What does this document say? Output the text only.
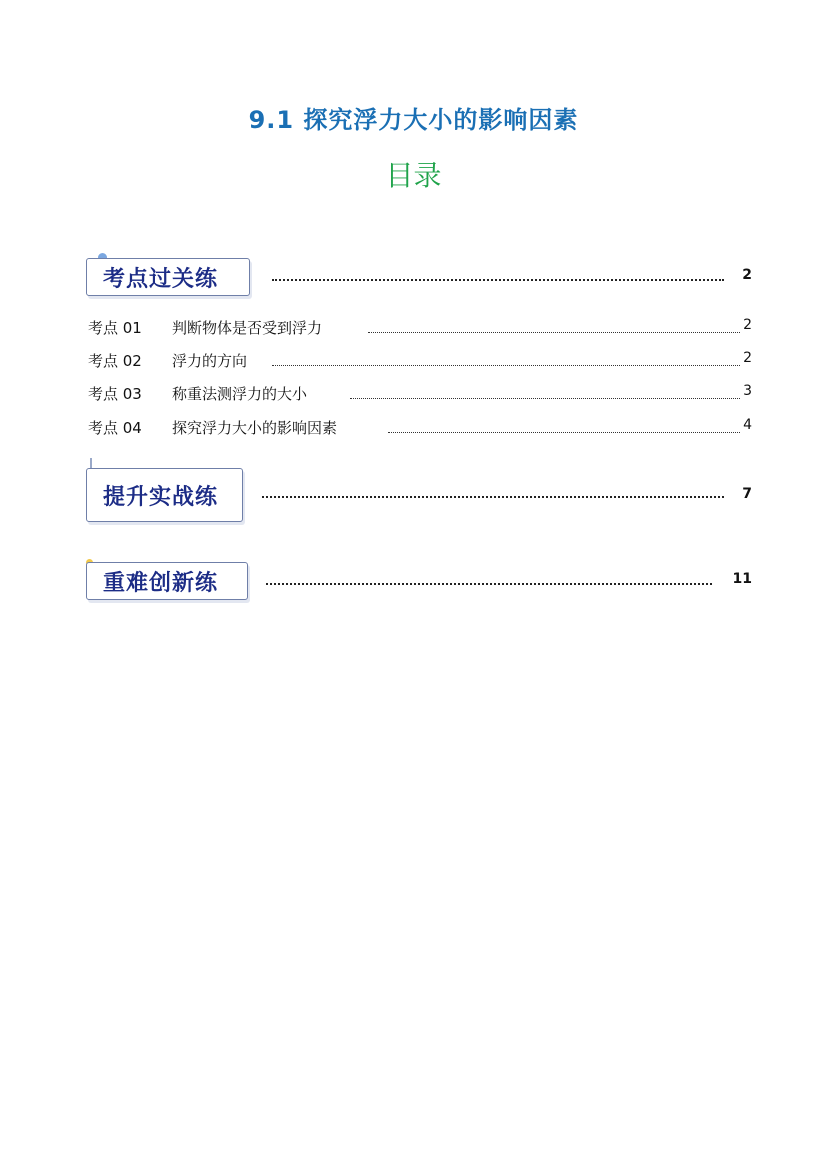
9.1 探究浮力大小的影响因素
目录
考点过关练	2
考点 01 判断物体是否受到浮力	2
考点 02 浮力的方向	2
考点 03 称重法测浮力的大小	3
考点 04 探究浮力大小的影响因素	4
提升实战练	7
重难创新练	11
